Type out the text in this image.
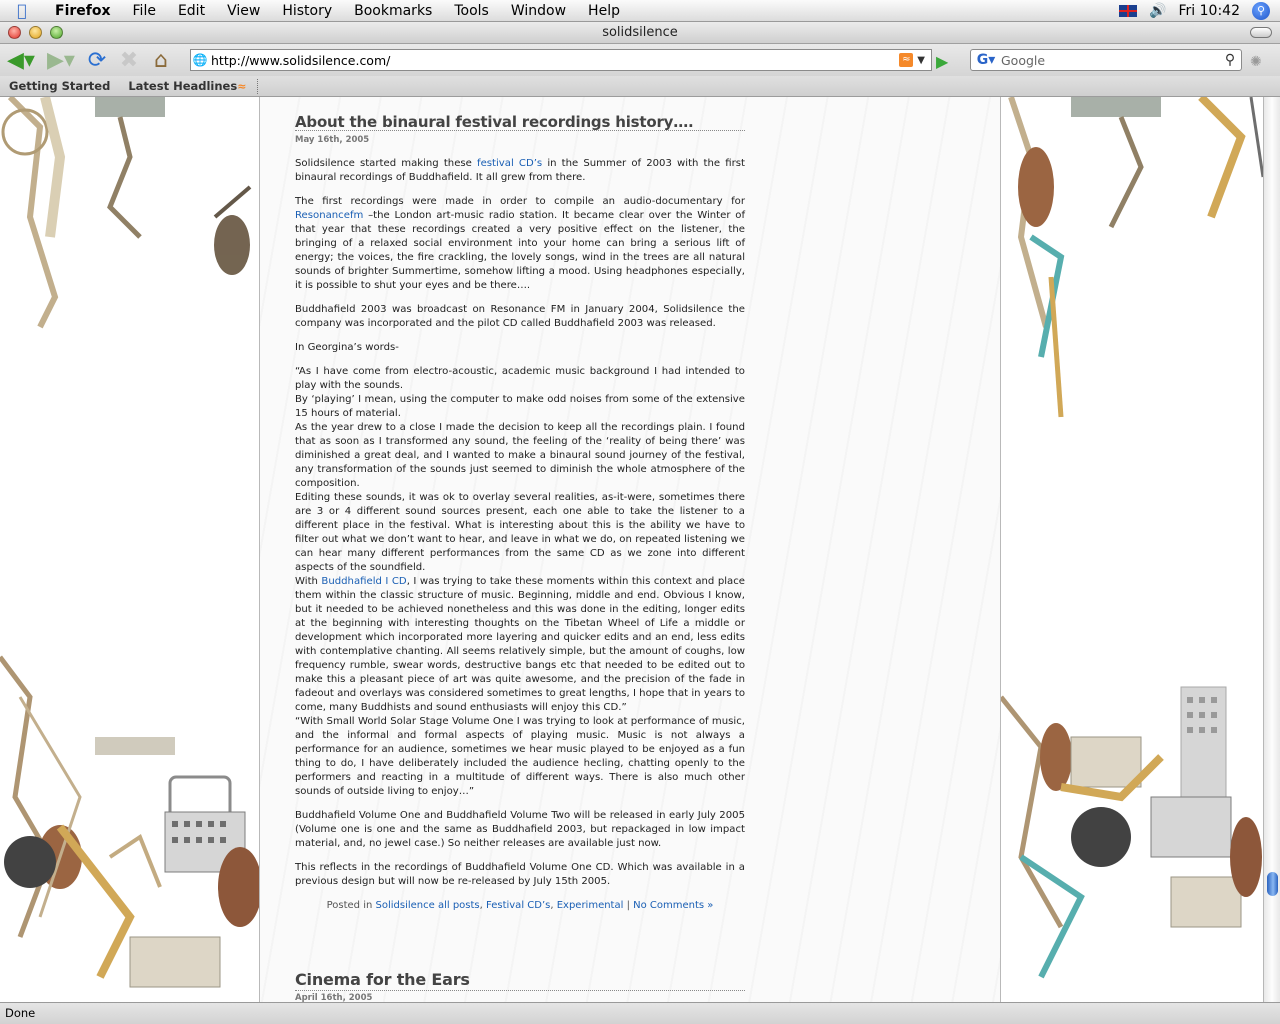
Firefox	File	Edit	View	History	Bookmarks	Tools	Window	Help	🔊 Fri 10:42	⚲
solidsilence
◀▾ ▶▾ ⟳ ✖ ⌂	🌐 http://www.solidsilence.com/	≈ ▼ ▶	G▾ Google	⚲	✺
Getting Started	Latest Headlines≈
About the binaural festival recordings history….
May 16th, 2005

Solidsilence started making these festival CD’s in the Summer of 2003 with the first binaural recordings of Buddhafield. It all grew from there.

The first recordings were made in order to compile an audio-documentary for Resonancefm –the London art-music radio station. It became clear over the Winter of that year that these recordings created a very positive effect on the listener, the bringing of a relaxed social environment into your home can bring a serious lift of energy; the voices, the fire crackling, the lovely songs, wind in the trees are all natural sounds of brighter Summertime, somehow lifting a mood. Using headphones especially, it is possible to shut your eyes and be there….

Buddhafield 2003 was broadcast on Resonance FM in January 2004, Solidsilence the company was incorporated and the pilot CD called Buddhafield 2003 was released.

In Georgina’s words-

“As I have come from electro-acoustic, academic music background I had intended to play with the sounds.

By ‘playing’ I mean, using the computer to make odd noises from some of the extensive 15 hours of material.

As the year drew to a close I made the decision to keep all the recordings plain. I found that as soon as I transformed any sound, the feeling of the ‘reality of being there’ was diminished a great deal, and I wanted to make a binaural sound journey of the festival, any transformation of the sounds just seemed to diminish the whole atmosphere of the composition.

Editing these sounds, it was ok to overlay several realities, as-it-were, sometimes there are 3 or 4 different sound sources present, each one able to take the listener to a different place in the festival. What is interesting about this is the ability we have to filter out what we don’t want to hear, and leave in what we do, on repeated listening we can hear many different performances from the same CD as we zone into different aspects of the soundfield.

With Buddhafield I CD, I was trying to take these moments within this context and place them within the classic structure of music. Beginning, middle and end. Obvious I know, but it needed to be achieved nonetheless and this was done in the editing, longer edits at the beginning with interesting thoughts on the Tibetan Wheel of Life a middle or development which incorporated more layering and quicker edits and an end, less edits with contemplative chanting. All seems relatively simple, but the amount of coughs, low frequency rumble, swear words, destructive bangs etc that needed to be edited out to make this a pleasant piece of art was quite awesome, and the precision of the fade in fadeout and overlays was considered sometimes to great lengths, I hope that in years to come, many Buddhists and sound enthusiasts will enjoy this CD.”

“With Small World Solar Stage Volume One I was trying to look at performance of music, and the informal and formal aspects of playing music. Music is not always a performance for an audience, sometimes we hear music played to be enjoyed as a fun thing to do, I have deliberately included the audience hecling, chatting openly to the performers and reacting in a multitude of different ways. There is also much other sounds of outside living to enjoy…”

Buddhafield Volume One and Buddhafield Volume Two will be released in early July 2005 (Volume one is one and the same as Buddhafield 2003, but repackaged in low impact material, and, no jewel case.) So neither releases are available just now.

This reflects in the recordings of Buddhafield Volume One CD. Which was available in a previous design but will now be re-released by July 15th 2005.

Posted in Solidsilence all posts, Festival CD’s, Experimental | No Comments »
Cinema for the Ears
April 16th, 2005
Done
